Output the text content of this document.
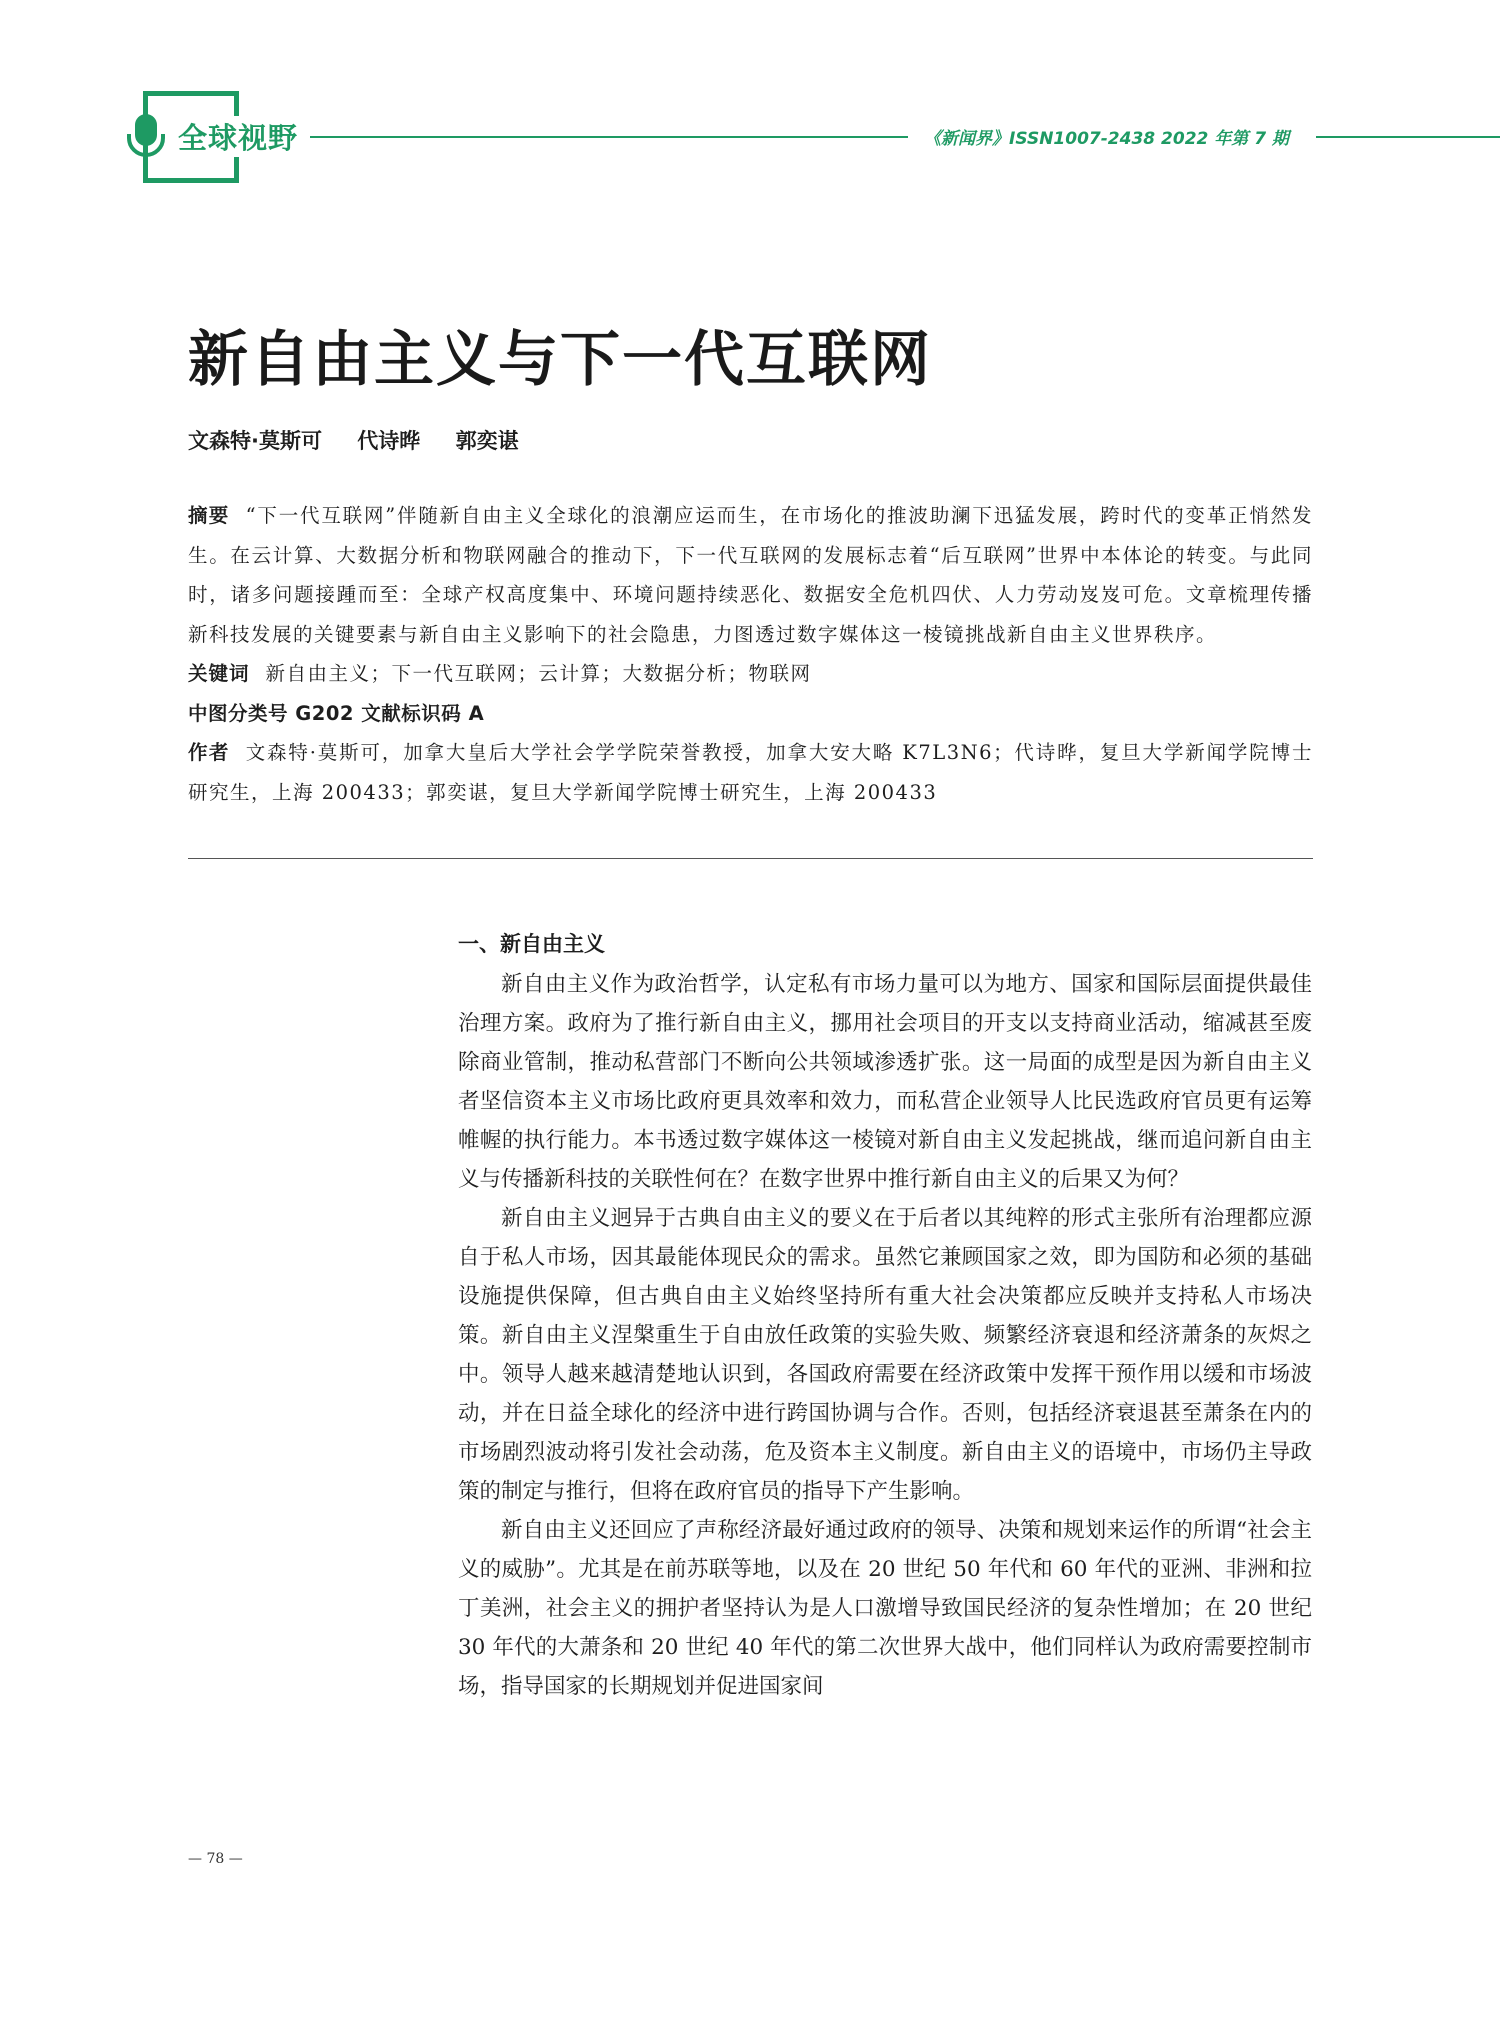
全球视野	《新闻界》ISSN1007-2438 2022 年第 7 期
新自由主义与下一代互联网
文森特·莫斯可 代诗晔 郭奕谌

摘要 “下一代互联网”伴随新自由主义全球化的浪潮应运而生，在市场化的推波助澜下迅猛发展，跨时代的变革正悄然发生。在云计算、大数据分析和物联网融合的推动下，下一代互联网的发展标志着“后互联网”世界中本体论的转变。与此同时，诸多问题接踵而至：全球产权高度集中、环境问题持续恶化、数据安全危机四伏、人力劳动岌岌可危。文章梳理传播新科技发展的关键要素与新自由主义影响下的社会隐患，力图透过数字媒体这一棱镜挑战新自由主义世界秩序。

关键词 新自由主义；下一代互联网；云计算；大数据分析；物联网

中图分类号 G202 文献标识码 A

作者 文森特·莫斯可，加拿大皇后大学社会学学院荣誉教授，加拿大安大略 K7L3N6；代诗晔，复旦大学新闻学院博士研究生，上海 200433；郭奕谌，复旦大学新闻学院博士研究生，上海 200433

一、新自由主义

新自由主义作为政治哲学，认定私有市场力量可以为地方、国家和国际层面提供最佳治理方案。政府为了推行新自由主义，挪用社会项目的开支以支持商业活动，缩减甚至废除商业管制，推动私营部门不断向公共领域渗透扩张。这一局面的成型是因为新自由主义者坚信资本主义市场比政府更具效率和效力，而私营企业领导人比民选政府官员更有运筹帷幄的执行能力。本书透过数字媒体这一棱镜对新自由主义发起挑战，继而追问新自由主义与传播新科技的关联性何在？在数字世界中推行新自由主义的后果又为何？

新自由主义迥异于古典自由主义的要义在于后者以其纯粹的形式主张所有治理都应源自于私人市场，因其最能体现民众的需求。虽然它兼顾国家之效，即为国防和必须的基础设施提供保障，但古典自由主义始终坚持所有重大社会决策都应反映并支持私人市场决策。新自由主义涅槃重生于自由放任政策的实验失败、频繁经济衰退和经济萧条的灰烬之中。领导人越来越清楚地认识到，各国政府需要在经济政策中发挥干预作用以缓和市场波动，并在日益全球化的经济中进行跨国协调与合作。否则，包括经济衰退甚至萧条在内的市场剧烈波动将引发社会动荡，危及资本主义制度。新自由主义的语境中，市场仍主导政策的制定与推行，但将在政府官员的指导下产生影响。

新自由主义还回应了声称经济最好通过政府的领导、决策和规划来运作的所谓“社会主义的威胁”。尤其是在前苏联等地，以及在 20 世纪 50 年代和 60 年代的亚洲、非洲和拉丁美洲，社会主义的拥护者坚持认为是人口激增导致国民经济的复杂性增加；在 20 世纪 30 年代的大萧条和 20 世纪 40 年代的第二次世界大战中，他们同样认为政府需要控制市场，指导国家的长期规划并促进国家间

— 78 —
